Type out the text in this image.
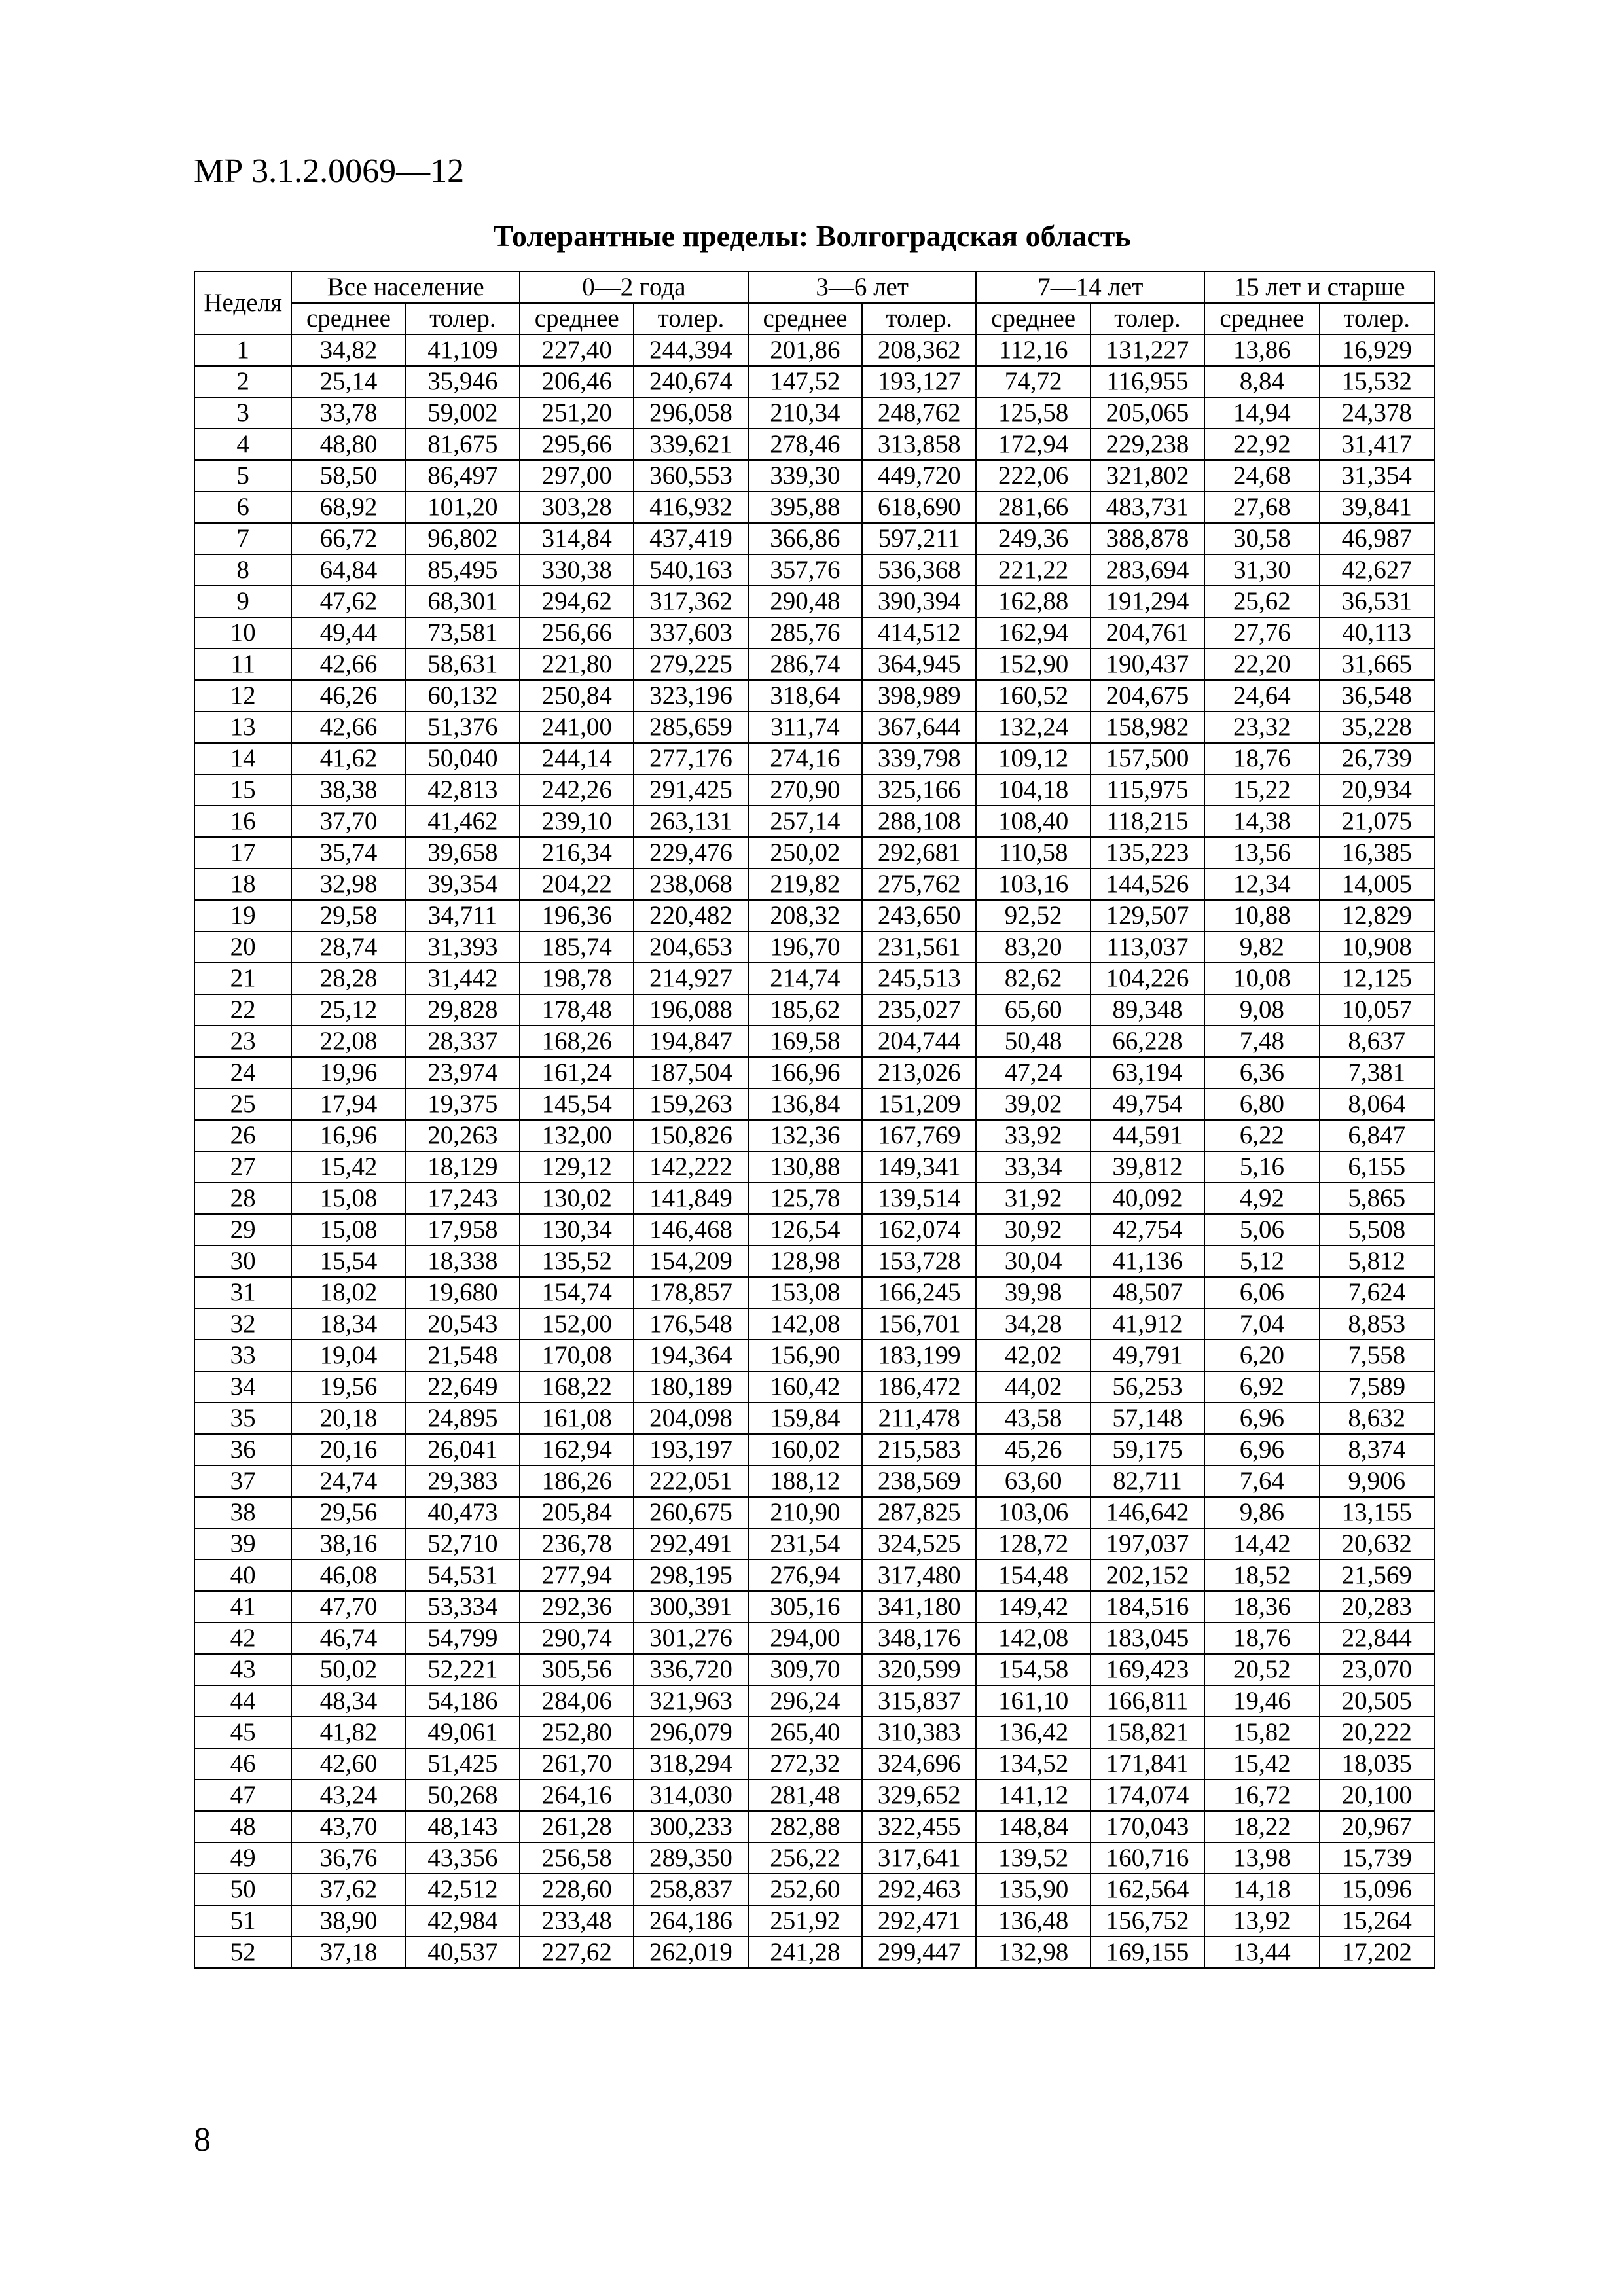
МР 3.1.2.0069—12
Толерантные пределы: Волгоградская область
Неделя	Все население		0—2 года		3—6 лет		7—14 лет		15 лет и старше	
	среднее	толер.	среднее	толер.	среднее	толер.	среднее	толер.	среднее	толер.
1	34,82	41,109	227,40	244,394	201,86	208,362	112,16	131,227	13,86	16,929
2	25,14	35,946	206,46	240,674	147,52	193,127	74,72	116,955	8,84	15,532
3	33,78	59,002	251,20	296,058	210,34	248,762	125,58	205,065	14,94	24,378
4	48,80	81,675	295,66	339,621	278,46	313,858	172,94	229,238	22,92	31,417
5	58,50	86,497	297,00	360,553	339,30	449,720	222,06	321,802	24,68	31,354
6	68,92	101,20	303,28	416,932	395,88	618,690	281,66	483,731	27,68	39,841
7	66,72	96,802	314,84	437,419	366,86	597,211	249,36	388,878	30,58	46,987
8	64,84	85,495	330,38	540,163	357,76	536,368	221,22	283,694	31,30	42,627
9	47,62	68,301	294,62	317,362	290,48	390,394	162,88	191,294	25,62	36,531
10	49,44	73,581	256,66	337,603	285,76	414,512	162,94	204,761	27,76	40,113
11	42,66	58,631	221,80	279,225	286,74	364,945	152,90	190,437	22,20	31,665
12	46,26	60,132	250,84	323,196	318,64	398,989	160,52	204,675	24,64	36,548
13	42,66	51,376	241,00	285,659	311,74	367,644	132,24	158,982	23,32	35,228
14	41,62	50,040	244,14	277,176	274,16	339,798	109,12	157,500	18,76	26,739
15	38,38	42,813	242,26	291,425	270,90	325,166	104,18	115,975	15,22	20,934
16	37,70	41,462	239,10	263,131	257,14	288,108	108,40	118,215	14,38	21,075
17	35,74	39,658	216,34	229,476	250,02	292,681	110,58	135,223	13,56	16,385
18	32,98	39,354	204,22	238,068	219,82	275,762	103,16	144,526	12,34	14,005
19	29,58	34,711	196,36	220,482	208,32	243,650	92,52	129,507	10,88	12,829
20	28,74	31,393	185,74	204,653	196,70	231,561	83,20	113,037	9,82	10,908
21	28,28	31,442	198,78	214,927	214,74	245,513	82,62	104,226	10,08	12,125
22	25,12	29,828	178,48	196,088	185,62	235,027	65,60	89,348	9,08	10,057
23	22,08	28,337	168,26	194,847	169,58	204,744	50,48	66,228	7,48	8,637
24	19,96	23,974	161,24	187,504	166,96	213,026	47,24	63,194	6,36	7,381
25	17,94	19,375	145,54	159,263	136,84	151,209	39,02	49,754	6,80	8,064
26	16,96	20,263	132,00	150,826	132,36	167,769	33,92	44,591	6,22	6,847
27	15,42	18,129	129,12	142,222	130,88	149,341	33,34	39,812	5,16	6,155
28	15,08	17,243	130,02	141,849	125,78	139,514	31,92	40,092	4,92	5,865
29	15,08	17,958	130,34	146,468	126,54	162,074	30,92	42,754	5,06	5,508
30	15,54	18,338	135,52	154,209	128,98	153,728	30,04	41,136	5,12	5,812
31	18,02	19,680	154,74	178,857	153,08	166,245	39,98	48,507	6,06	7,624
32	18,34	20,543	152,00	176,548	142,08	156,701	34,28	41,912	7,04	8,853
33	19,04	21,548	170,08	194,364	156,90	183,199	42,02	49,791	6,20	7,558
34	19,56	22,649	168,22	180,189	160,42	186,472	44,02	56,253	6,92	7,589
35	20,18	24,895	161,08	204,098	159,84	211,478	43,58	57,148	6,96	8,632
36	20,16	26,041	162,94	193,197	160,02	215,583	45,26	59,175	6,96	8,374
37	24,74	29,383	186,26	222,051	188,12	238,569	63,60	82,711	7,64	9,906
38	29,56	40,473	205,84	260,675	210,90	287,825	103,06	146,642	9,86	13,155
39	38,16	52,710	236,78	292,491	231,54	324,525	128,72	197,037	14,42	20,632
40	46,08	54,531	277,94	298,195	276,94	317,480	154,48	202,152	18,52	21,569
41	47,70	53,334	292,36	300,391	305,16	341,180	149,42	184,516	18,36	20,283
42	46,74	54,799	290,74	301,276	294,00	348,176	142,08	183,045	18,76	22,844
43	50,02	52,221	305,56	336,720	309,70	320,599	154,58	169,423	20,52	23,070
44	48,34	54,186	284,06	321,963	296,24	315,837	161,10	166,811	19,46	20,505
45	41,82	49,061	252,80	296,079	265,40	310,383	136,42	158,821	15,82	20,222
46	42,60	51,425	261,70	318,294	272,32	324,696	134,52	171,841	15,42	18,035
47	43,24	50,268	264,16	314,030	281,48	329,652	141,12	174,074	16,72	20,100
48	43,70	48,143	261,28	300,233	282,88	322,455	148,84	170,043	18,22	20,967
49	36,76	43,356	256,58	289,350	256,22	317,641	139,52	160,716	13,98	15,739
50	37,62	42,512	228,60	258,837	252,60	292,463	135,90	162,564	14,18	15,096
51	38,90	42,984	233,48	264,186	251,92	292,471	136,48	156,752	13,92	15,264
52	37,18	40,537	227,62	262,019	241,28	299,447	132,98	169,155	13,44	17,202
8
